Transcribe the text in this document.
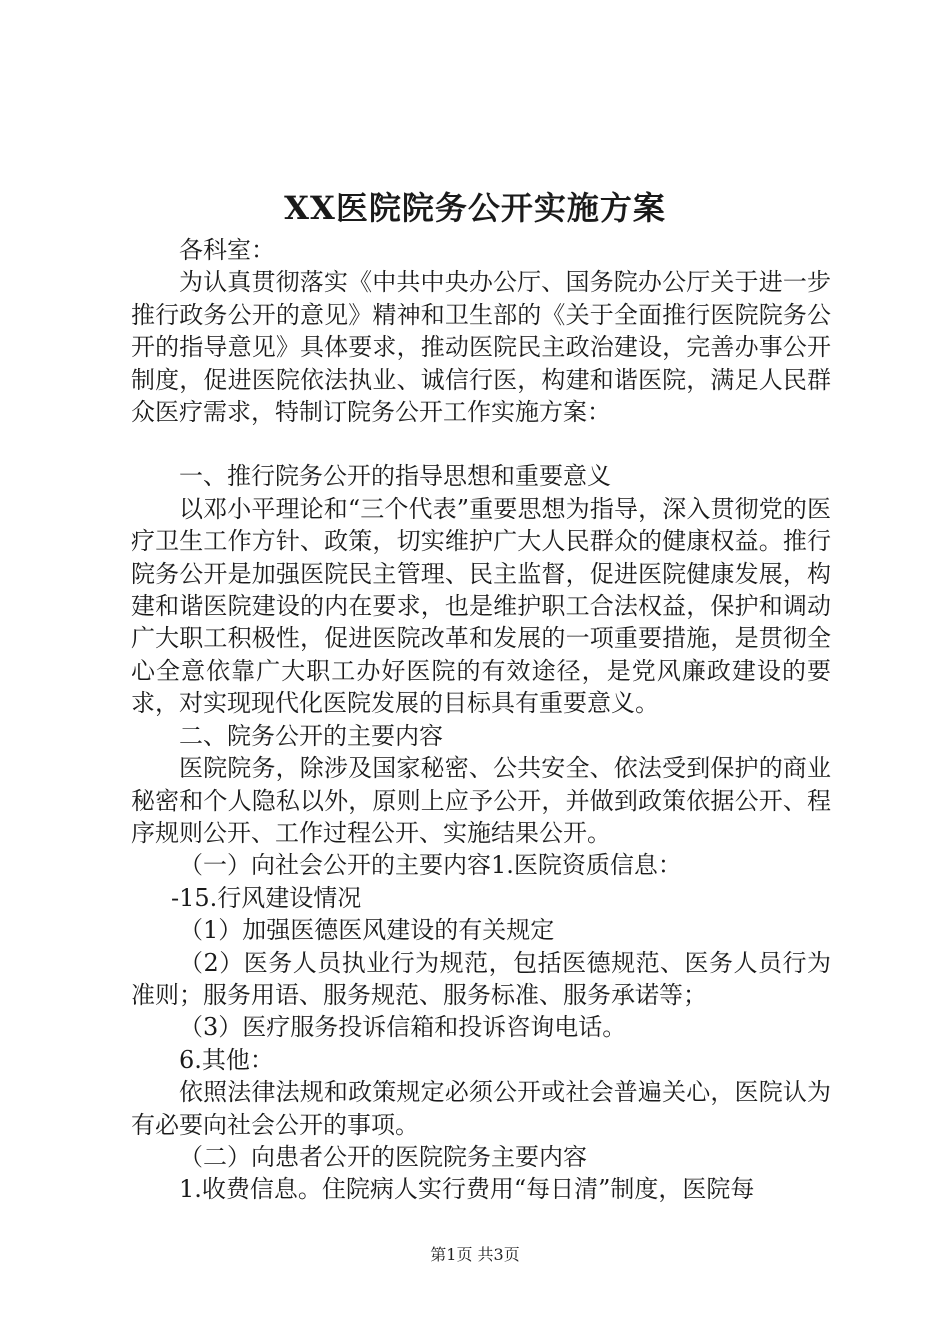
XX医院院务公开实施方案

各科室：

为认真贯彻落实《中共中央办公厅、国务院办公厅关于进一步推行政务公开的意见》精神和卫生部的《关于全面推行医院院务公开的指导意见》具体要求，推动医院民主政治建设，完善办事公开制度，促进医院依法执业、诚信行医，构建和谐医院，满足人民群众医疗需求，特制订院务公开工作实施方案：

一、推行院务公开的指导思想和重要意义

以邓小平理论和“三个代表”重要思想为指导，深入贯彻党的医疗卫生工作方针、政策，切实维护广大人民群众的健康权益。推行院务公开是加强医院民主管理、民主监督，促进医院健康发展，构建和谐医院建设的内在要求，也是维护职工合法权益，保护和调动广大职工积极性，促进医院改革和发展的一项重要措施，是贯彻全心全意依靠广大职工办好医院的有效途径，是党风廉政建设的要求，对实现现代化医院发展的目标具有重要意义。

二、院务公开的主要内容

医院院务，除涉及国家秘密、公共安全、依法受到保护的商业秘密和个人隐私以外，原则上应予公开，并做到政策依据公开、程序规则公开、工作过程公开、实施结果公开。

（一）向社会公开的主要内容1.医院资质信息：

-15.行风建设情况

（1）加强医德医风建设的有关规定

（2）医务人员执业行为规范，包括医德规范、医务人员行为准则；服务用语、服务规范、服务标准、服务承诺等；

（3）医疗服务投诉信箱和投诉咨询电话。

6.其他：

依照法律法规和政策规定必须公开或社会普遍关心，医院认为有必要向社会公开的事项。

（二）向患者公开的医院院务主要内容

1.收费信息。住院病人实行费用“每日清”制度，医院每

第1页 共3页
